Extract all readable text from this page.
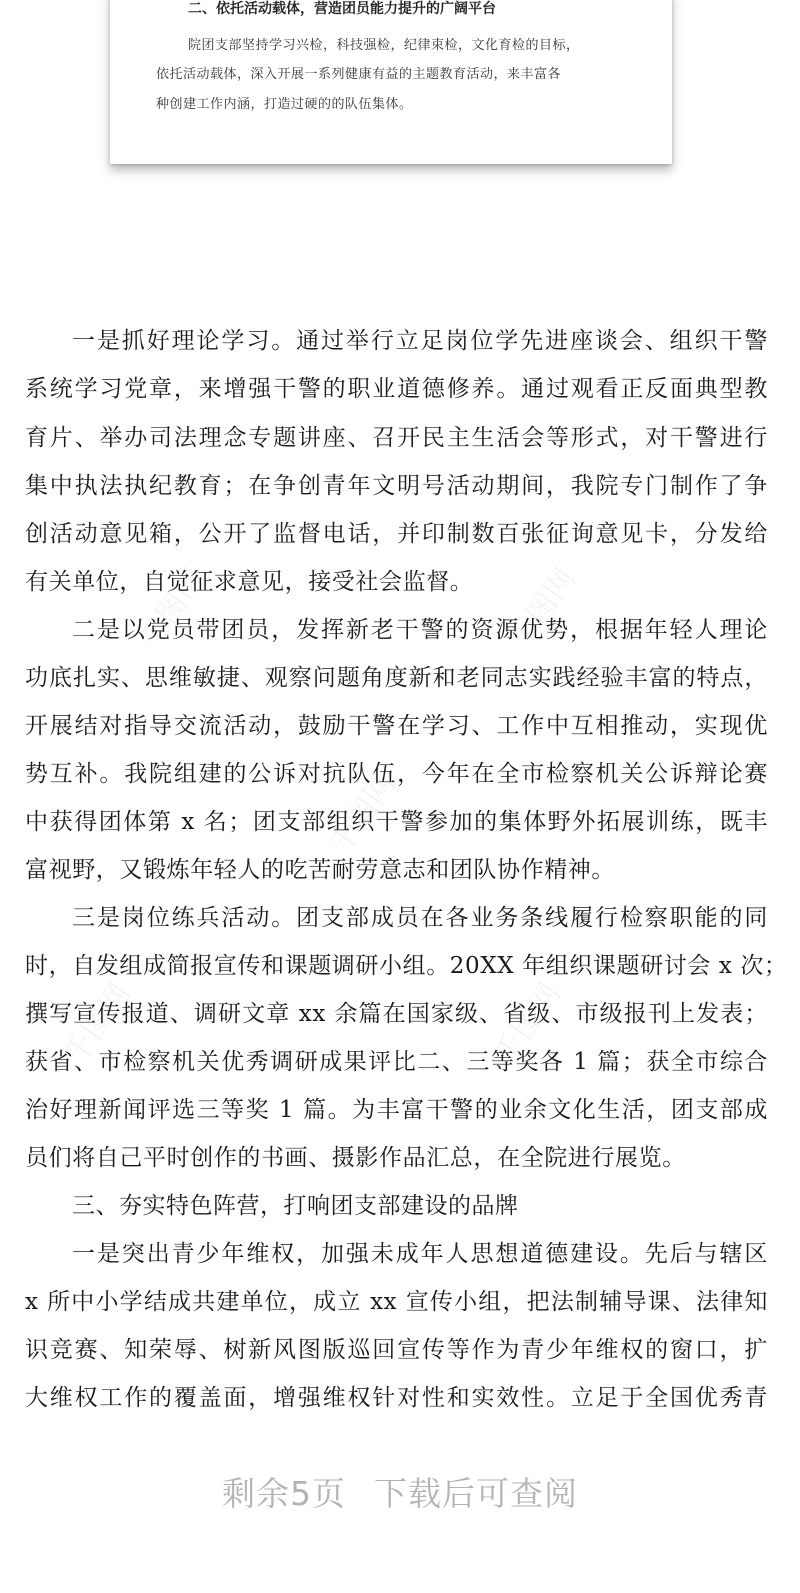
千图网	千图网
千图网
千图网	千图网
二、依托活动载体，营造团员能力提升的广阔平台
院团支部坚持学习兴检，科技强检，纪律束检，文化育检的目标，
依托活动载体，深入开展一系列健康有益的主题教育活动，来丰富各
种创建工作内涵，打造过硬的的队伍集体。
一是抓好理论学习。通过举行立足岗位学先进座谈会、组织干警
系统学习党章，来增强干警的职业道德修养。通过观看正反面典型教
育片、举办司法理念专题讲座、召开民主生活会等形式，对干警进行
集中执法执纪教育；在争创青年文明号活动期间，我院专门制作了争
创活动意见箱，公开了监督电话，并印制数百张征询意见卡，分发给
有关单位，自觉征求意见，接受社会监督。
二是以党员带团员，发挥新老干警的资源优势，根据年轻人理论
功底扎实、思维敏捷、观察问题角度新和老同志实践经验丰富的特点，
开展结对指导交流活动，鼓励干警在学习、工作中互相推动，实现优
势互补。我院组建的公诉对抗队伍，今年在全市检察机关公诉辩论赛
中获得团体第 x 名；团支部组织干警参加的集体野外拓展训练，既丰
富视野，又锻炼年轻人的吃苦耐劳意志和团队协作精神。
三是岗位练兵活动。团支部成员在各业务条线履行检察职能的同
时，自发组成简报宣传和课题调研小组。20XX 年组织课题研讨会 x 次；
撰写宣传报道、调研文章 xx 余篇在国家级、省级、市级报刊上发表；
获省、市检察机关优秀调研成果评比二、三等奖各 1 篇；获全市综合
治好理新闻评选三等奖 1 篇。为丰富干警的业余文化生活，团支部成
员们将自己平时创作的书画、摄影作品汇总，在全院进行展览。
三、夯实特色阵营，打响团支部建设的品牌
一是突出青少年维权，加强未成年人思想道德建设。先后与辖区
x 所中小学结成共建单位，成立 xx 宣传小组，把法制辅导课、法律知
识竞赛、知荣辱、树新风图版巡回宣传等作为青少年维权的窗口，扩
大维权工作的覆盖面，增强维权针对性和实效性。立足于全国优秀青
剩余5页 下载后可查阅
